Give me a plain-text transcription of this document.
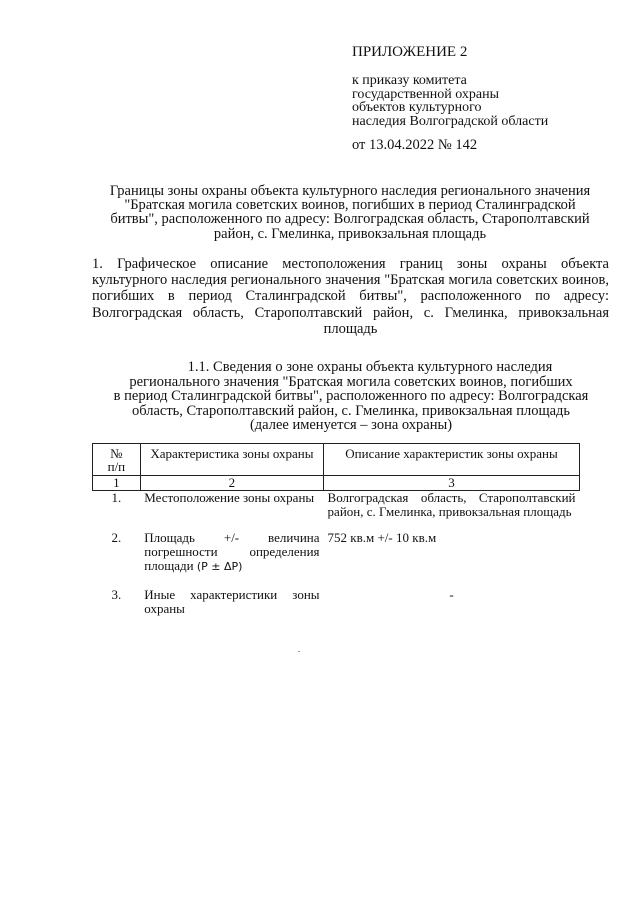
ПРИЛОЖЕНИЕ 2
к приказу комитета
государственной охраны
объектов культурного
наследия Волгоградской области
от 13.04.2022 № 142
Границы зоны охраны объекта культурного наследия регионального значения
"Братская могила советских воинов, погибших в период Сталинградской
битвы", расположенного по адресу: Волгоградская область, Старополтавский
район, с. Гмелинка, привокзальная площадь
1. Графическое описание местоположения границ зоны охраны объекта культурного наследия регионального значения "Братская могила советских воинов, погибших в период Сталинградской битвы", расположенного по адресу: Волгоградская область, Старополтавский район, с. Гмелинка, привокзальная площадь
1.1. Сведения о зоне охраны объекта культурного наследия
регионального значения "Братская могила советских воинов, погибших
в период Сталинградской битвы", расположенного по адресу: Волгоградская
область, Старополтавский район, с. Гмелинка, привокзальная площадь
(далее именуется – зона охраны)
№
п/п	Характеристика зоны охраны	Описание характеристик зоны охраны
1	2	3
1.	Местоположение зоны охраны	Волгоградская область, Старополтавский район, с. Гмелинка, привокзальная площадь
2.	Площадь +/- величина погрешности определения площади (P ± ΔP)	752 кв.м +/- 10 кв.м
3.	Иные характеристики зоны охраны	-
